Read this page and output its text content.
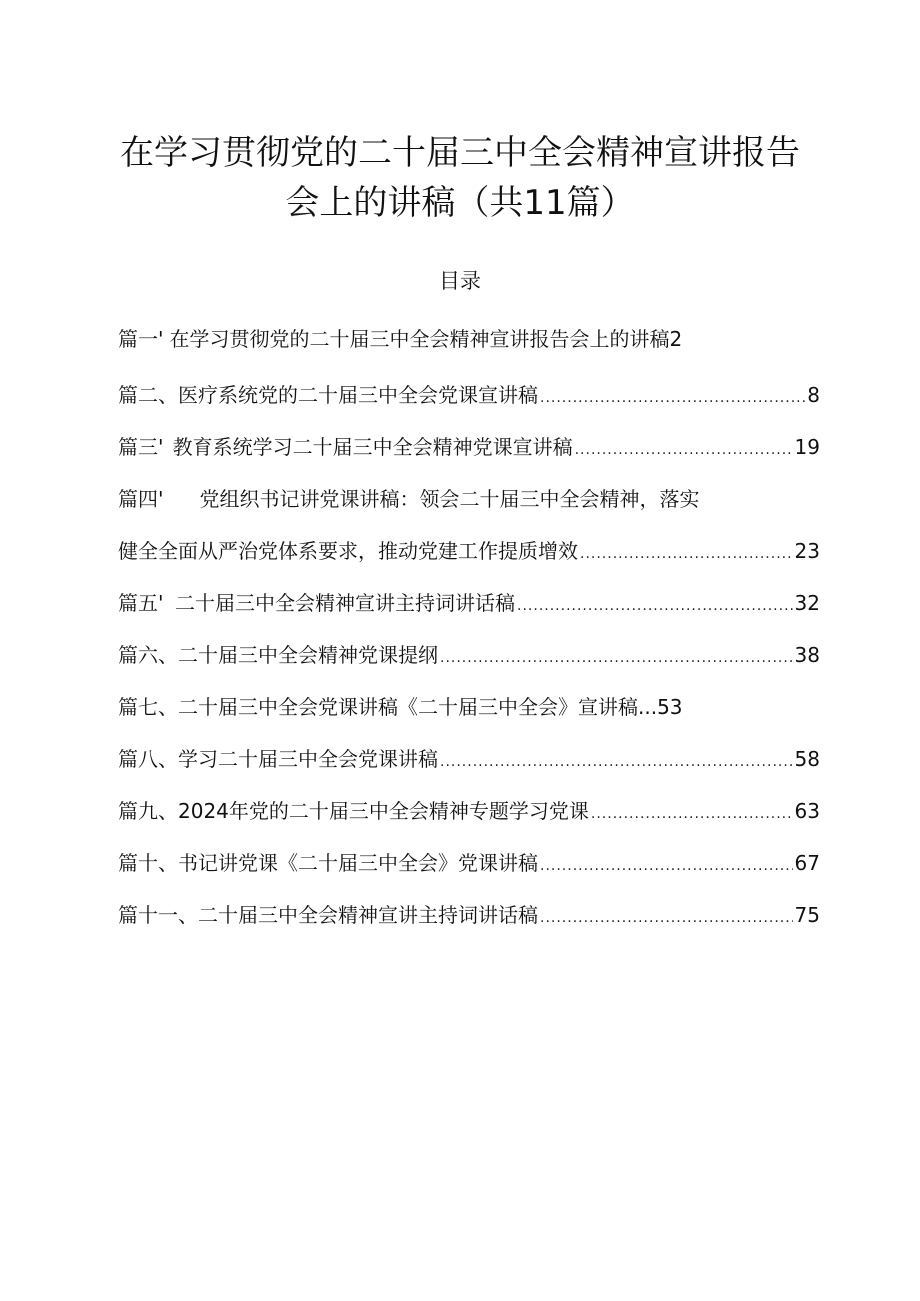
在学习贯彻党的二十届三中全会精神宣讲报告
会上的讲稿（共11篇）
目录
篇一' 在学习贯彻党的二十届三中全会精神宣讲报告会上的讲稿2
篇二、 医疗系统党的二十届三中全会党课宣讲稿 .....	8
篇三' 教育系统学习二十届三中全会精神党课宣讲稿 .....	19
篇四' 党组织书记讲党课讲稿：领会二十届三中全会精神，落实
健全全面从严治党体系要求，推动党建工作提质增效 .....	23
篇五' 二十届三中全会精神宣讲主持词讲话稿 .....	32
篇六、 二十届三中全会精神党课提纲 .....	38
篇七、二十届三中全会党课讲稿《二十届三中全会》宣讲稿...53
篇八、 学习二十届三中全会党课讲稿 .....	58
篇九、 2024年党的二十届三中全会精神专题学习党课 .....	63
篇十、 书记讲党课《二十届三中全会》党课讲稿 .....	67
篇十一、 二十届三中全会精神宣讲主持词讲话稿 .....	75
